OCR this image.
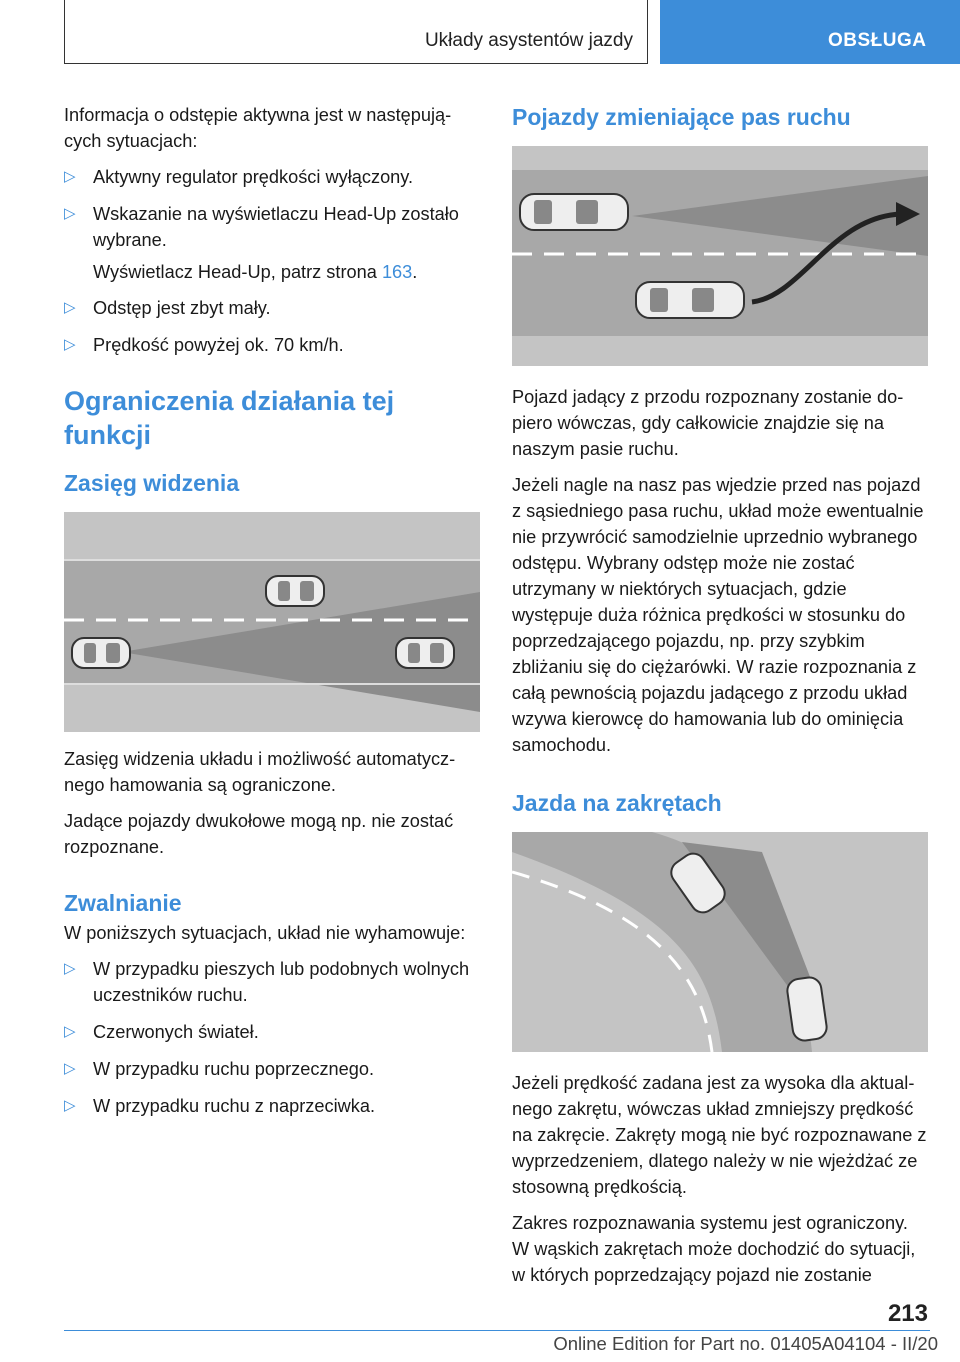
Układy asystentów jazdy	OBSŁUGA

Informacja o odstępie aktywna jest w następujących sytuacjach:

▷ Aktywny regulator prędkości wyłączony.
▷ Wskazanie na wyświetlaczu Head-Up zostało wybrane.

Wyświetlacz Head-Up, patrz strona 163.

▷ Odstęp jest zbyt mały.
▷ Prędkość powyżej ok. 70 km/h.
Ograniczenia działania tej funkcji
Zasięg widzenia

Zasięg widzenia układu i możliwość automatycznego hamowania są ograniczone.

Jadące pojazdy dwukołowe mogą np. nie zostać rozpoznane.

Zwalnianie

W poniższych sytuacjach, układ nie wyhamowuje:

▷ W przypadku pieszych lub podobnych wolnych uczestników ruchu.
▷ Czerwonych świateł.
▷ W przypadku ruchu poprzecznego.
▷ W przypadku ruchu z naprzeciwka.
Pojazdy zmieniające pas ruchu

Pojazd jadący z przodu rozpoznany zostanie dopiero wówczas, gdy całkowicie znajdzie się na naszym pasie ruchu.

Jeżeli nagle na nasz pas wjedzie przed nas pojazd z sąsiedniego pasa ruchu, układ może ewentualnie nie przywrócić samodzielnie uprzednio wybranego odstępu. Wybrany odstęp może nie zostać utrzymany w niektórych sytuacjach, gdzie występuje duża różnica prędkości w stosunku do poprzedzającego pojazdu, np. przy szybkim zbliżaniu się do ciężarówki. W razie rozpoznania z całą pewnością pojazdu jadącego z przodu układ wzywa kierowcę do hamowania lub do ominięcia samochodu.

Jazda na zakrętach

Jeżeli prędkość zadana jest za wysoka dla aktualnego zakrętu, wówczas układ zmniejszy prędkość na zakręcie. Zakręty mogą nie być rozpoznawane z wyprzedzeniem, dlatego należy w nie wjeżdżać ze stosowną prędkością.

Zakres rozpoznawania systemu jest ograniczony. W wąskich zakrętach może dochodzić do sytuacji, w których poprzedzający pojazd nie zostanie

213
Online Edition for Part no. 01405A04104 - II/20
